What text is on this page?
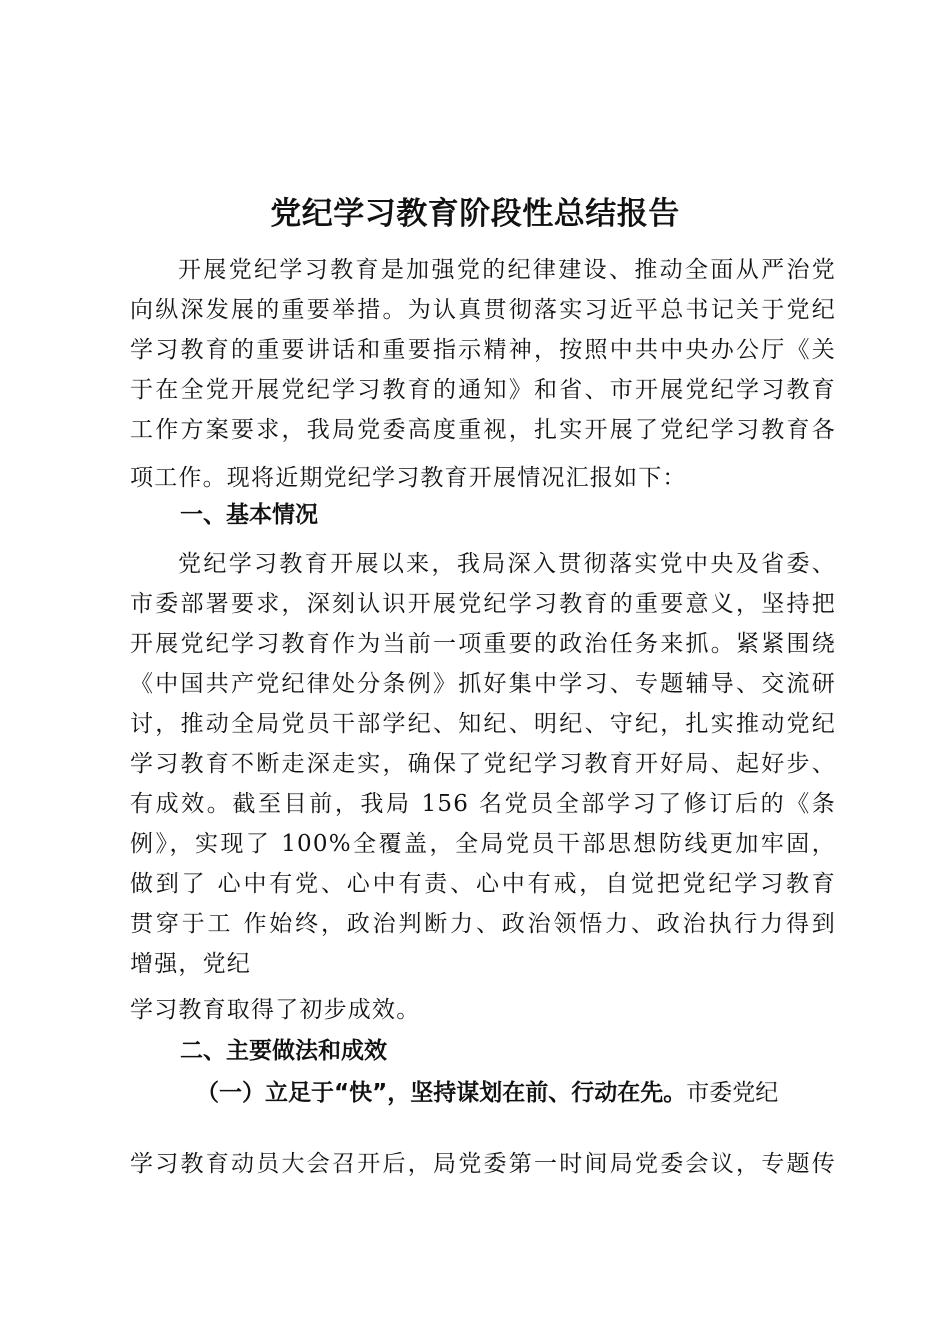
党纪学习教育阶段性总结报告

开展党纪学习教育是加强党的纪律建设、推动全面从严治党
向纵深发展的重要举措。为认真贯彻落实习近平总书记关于党纪
学习教育的重要讲话和重要指示精神，按照中共中央办公厅《关
于在全党开展党纪学习教育的通知》和省、市开展党纪学习教育
工作方案要求，我局党委高度重视，扎实开展了党纪学习教育各
项工作。现将近期党纪学习教育开展情况汇报如下：

一、基本情况

党纪学习教育开展以来，我局深入贯彻落实党中央及省委、
市委部署要求，深刻认识开展党纪学习教育的重要意义，坚持把
开展党纪学习教育作为当前一项重要的政治任务来抓。紧紧围绕
《中国共产党纪律处分条例》抓好集中学习、专题辅导、交流研
讨，推动全局党员干部学纪、知纪、明纪、守纪，扎实推动党纪
学习教育不断走深走实，确保了党纪学习教育开好局、起好步、
有成效。截至目前，我局 156 名党员全部学习了修订后的《条
例》，实现了 100%全覆盖，全局党员干部思想防线更加牢固，
做到了 心中有党、心中有责、心中有戒，自觉把党纪学习教育
贯穿于工 作始终，政治判断力、政治领悟力、政治执行力得到
增强，党纪

学习教育取得了初步成效。

二、主要做法和成效
（一）立足于“快”，坚持谋划在前、行动在先。市委党纪

学习教育动员大会召开后，局党委第一时间局党委会议，专题传
